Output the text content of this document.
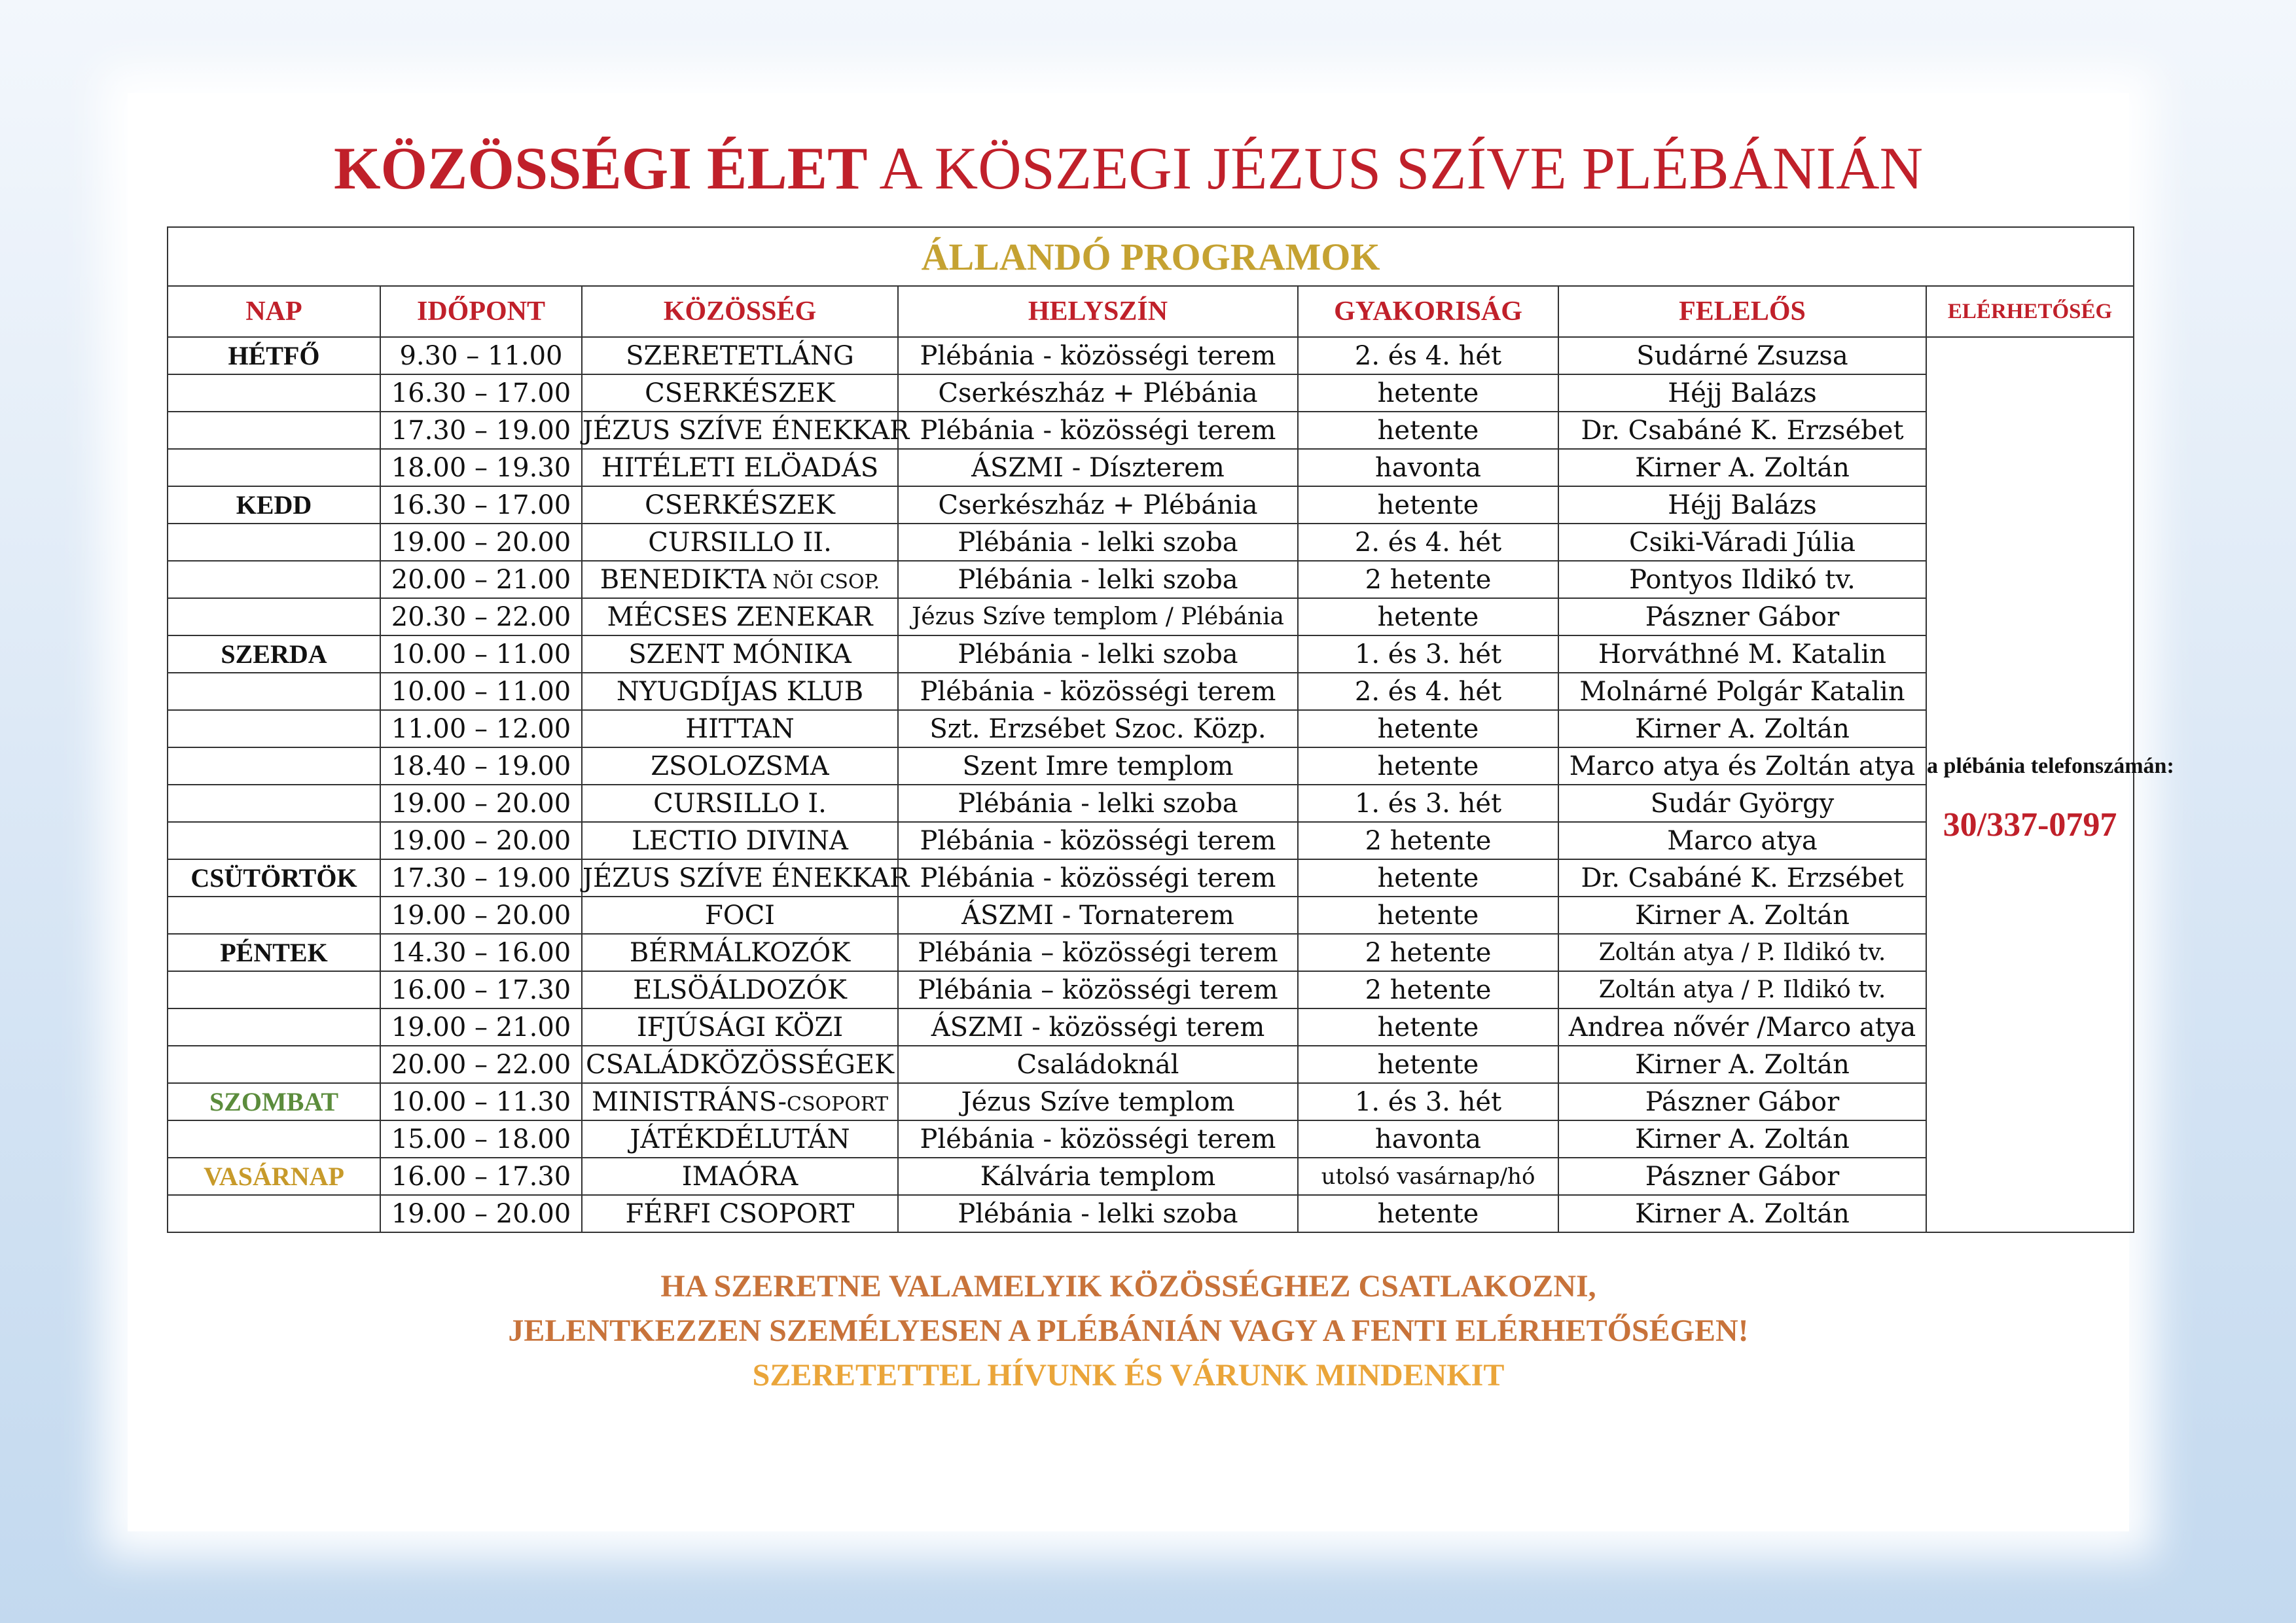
KÖZÖSSÉGI ÉLET A KÖSZEGI JÉZUS SZÍVE PLÉBÁNIÁN
ÁLLANDÓ PROGRAMOK						
NAP	IDŐPONT	KÖZÖSSÉG	HELYSZÍN	GYAKORISÁG	FELELŐS	ELÉRHETŐSÉG
HÉTFŐ	9.30 – 11.00	SZERETETLÁNG	Plébánia - közösségi terem	2. és 4. hét	Sudárné Zsuzsa	a plébánia telefonszámán:
30/337-0797

	16.30 – 17.00	CSERKÉSZEK	Cserkészház + Plébánia	hetente	Héjj Balázs	
	17.30 – 19.00	JÉZUS SZÍVE ÉNEKKAR	Plébánia - közösségi terem	hetente	Dr. Csabáné K. Erzsébet	
	18.00 – 19.30	HITÉLETI ELÖADÁS	ÁSZMI - Díszterem	havonta	Kirner A. Zoltán	
KEDD	16.30 – 17.00	CSERKÉSZEK	Cserkészház + Plébánia	hetente	Héjj Balázs	
	19.00 – 20.00	CURSILLO II.	Plébánia - lelki szoba	2. és 4. hét	Csiki-Váradi Júlia	
	20.00 – 21.00	BENEDIKTA NÖI CSOP.	Plébánia - lelki szoba	2 hetente	Pontyos Ildikó tv.	
	20.30 – 22.00	MÉCSES ZENEKAR	Jézus Szíve templom / Plébánia	hetente	Pászner Gábor	
SZERDA	10.00 – 11.00	SZENT MÓNIKA	Plébánia - lelki szoba	1. és 3. hét	Horváthné M. Katalin	
	10.00 – 11.00	NYUGDÍJAS KLUB	Plébánia - közösségi terem	2. és 4. hét	Molnárné Polgár Katalin	
	11.00 – 12.00	HITTAN	Szt. Erzsébet Szoc. Közp.	hetente	Kirner A. Zoltán	
	18.40 – 19.00	ZSOLOZSMA	Szent Imre templom	hetente	Marco atya és Zoltán atya	
	19.00 – 20.00	CURSILLO I.	Plébánia - lelki szoba	1. és 3. hét	Sudár György	
	19.00 – 20.00	LECTIO DIVINA	Plébánia - közösségi terem	2 hetente	Marco atya	
CSÜTÖRTÖK	17.30 – 19.00	JÉZUS SZÍVE ÉNEKKAR	Plébánia - közösségi terem	hetente	Dr. Csabáné K. Erzsébet	
	19.00 – 20.00	FOCI	ÁSZMI - Tornaterem	hetente	Kirner A. Zoltán	
PÉNTEK	14.30 – 16.00	BÉRMÁLKOZÓK	Plébánia – közösségi terem	2 hetente	Zoltán atya / P. Ildikó tv.	
	16.00 – 17.30	ELSÖÁLDOZÓK	Plébánia – közösségi terem	2 hetente	Zoltán atya / P. Ildikó tv.	
	19.00 – 21.00	IFJÚSÁGI KÖZI	ÁSZMI - közösségi terem	hetente	Andrea nővér /Marco atya	
	20.00 – 22.00	CSALÁDKÖZÖSSÉGEK	Családoknál	hetente	Kirner A. Zoltán	
SZOMBAT	10.00 – 11.30	MINISTRÁNS-CSOPORT	Jézus Szíve templom	1. és 3. hét	Pászner Gábor	
	15.00 – 18.00	JÁTÉKDÉLUTÁN	Plébánia - közösségi terem	havonta	Kirner A. Zoltán	
VASÁRNAP	16.00 – 17.30	IMAÓRA	Kálvária templom	utolsó vasárnap/hó	Pászner Gábor	
	19.00 – 20.00	FÉRFI CSOPORT	Plébánia - lelki szoba	hetente	Kirner A. Zoltán	
HA SZERETNE VALAMELYIK KÖZÖSSÉGHEZ CSATLAKOZNI,
JELENTKEZZEN SZEMÉLYESEN A PLÉBÁNIÁN VAGY A FENTI ELÉRHETŐSÉGEN!
SZERETETTEL HÍVUNK ÉS VÁRUNK MINDENKIT
